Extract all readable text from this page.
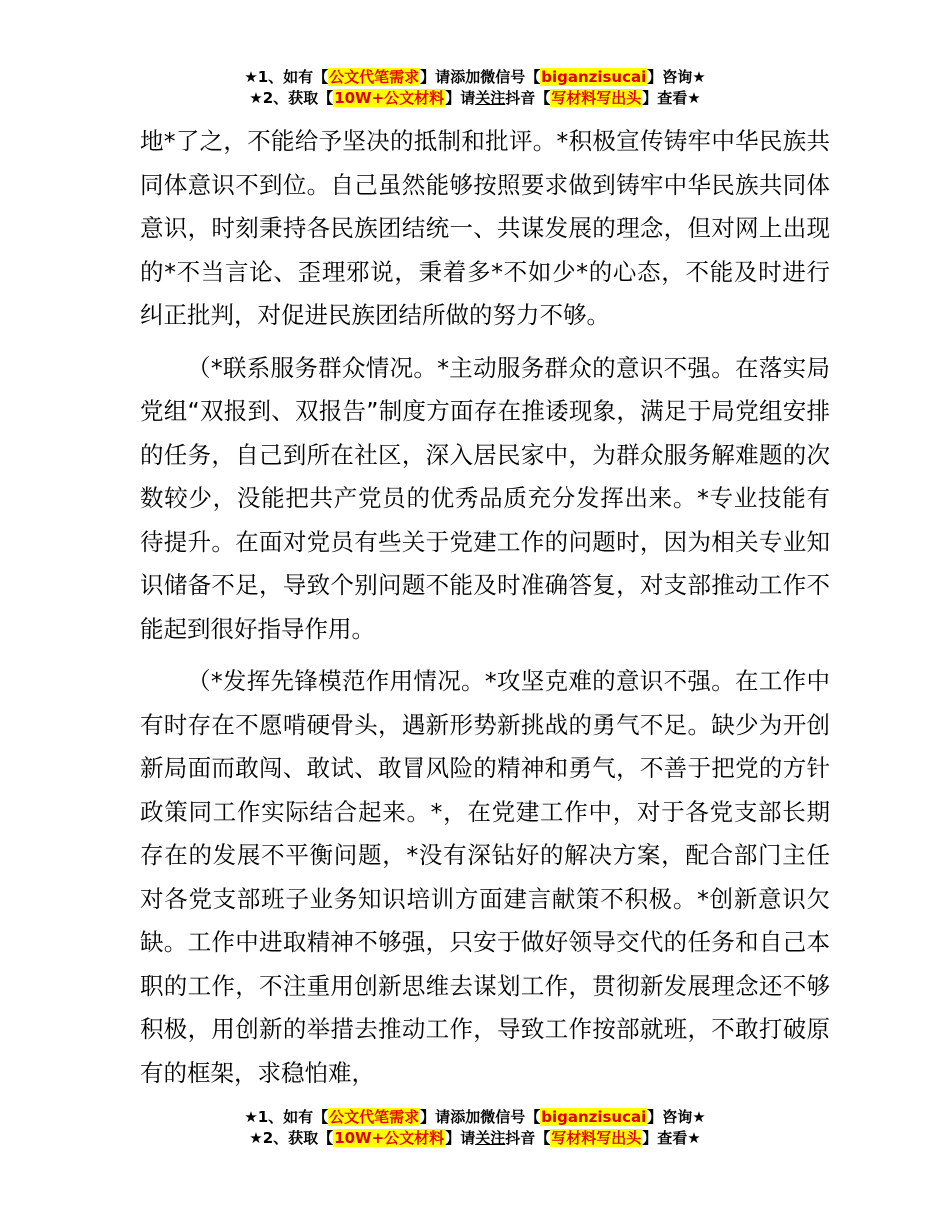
★1、如有【公文代笔需求】请添加微信号【biganzisucai】咨询★
★2、获取【10W+公文材料】请关注抖音【写材料写出头】查看★

地*了之，不能给予坚决的抵制和批评。*积极宣传铸牢中华民族共同体意识不到位。自己虽然能够按照要求做到铸牢中华民族共同体意识，时刻秉持各民族团结统一、共谋发展的理念，但对网上出现的*不当言论、歪理邪说，秉着多*不如少*的心态，不能及时进行纠正批判，对促进民族团结所做的努力不够。

（*联系服务群众情况。*主动服务群众的意识不强。在落实局党组“双报到、双报告”制度方面存在推诿现象，满足于局党组安排的任务，自己到所在社区，深入居民家中，为群众服务解难题的次数较少，没能把共产党员的优秀品质充分发挥出来。*专业技能有待提升。在面对党员有些关于党建工作的问题时，因为相关专业知识储备不足，导致个别问题不能及时准确答复，对支部推动工作不能起到很好指导作用。

（*发挥先锋模范作用情况。*攻坚克难的意识不强。在工作中有时存在不愿啃硬骨头，遇新形势新挑战的勇气不足。缺少为开创新局面而敢闯、敢试、敢冒风险的精神和勇气，不善于把党的方针政策同工作实际结合起来。*，在党建工作中，对于各党支部长期存在的发展不平衡问题，*没有深钻好的解决方案，配合部门主任对各党支部班子业务知识培训方面建言献策不积极。*创新意识欠缺。工作中进取精神不够强，只安于做好领导交代的任务和自己本职的工作，不注重用创新思维去谋划工作，贯彻新发展理念还不够积极，用创新的举措去推动工作，导致工作按部就班，不敢打破原有的框架，求稳怕难，

★1、如有【公文代笔需求】请添加微信号【biganzisucai】咨询★
★2、获取【10W+公文材料】请关注抖音【写材料写出头】查看★
